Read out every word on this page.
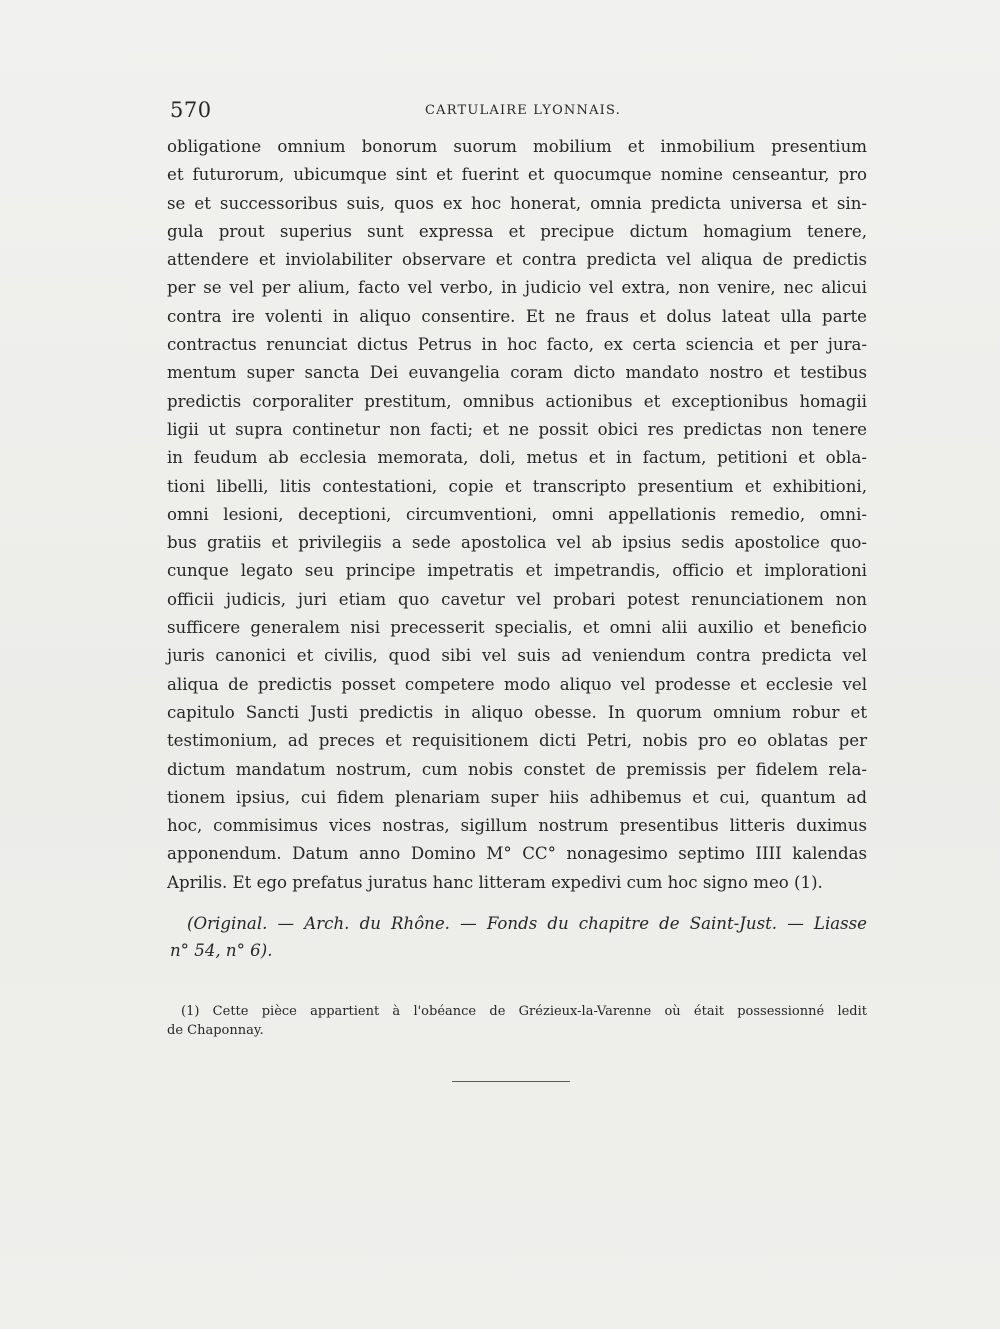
570	CARTULAIRE LYONNAIS.
obligatione omnium bonorum suorum mobilium et inmobilium presentium
et futurorum, ubicumque sint et fuerint et quocumque nomine censeantur, pro
se et successoribus suis, quos ex hoc honerat, omnia predicta universa et sin-
gula prout superius sunt expressa et precipue dictum homagium tenere,
attendere et inviolabiliter observare et contra predicta vel aliqua de predictis
per se vel per alium, facto vel verbo, in judicio vel extra, non venire, nec alicui
contra ire volenti in aliquo consentire. Et ne fraus et dolus lateat ulla parte
contractus renunciat dictus Petrus in hoc facto, ex certa sciencia et per jura-
mentum super sancta Dei euvangelia coram dicto mandato nostro et testibus
predictis corporaliter prestitum, omnibus actionibus et exceptionibus homagii
ligii ut supra continetur non facti; et ne possit obici res predictas non tenere
in feudum ab ecclesia memorata, doli, metus et in factum, petitioni et obla-
tioni libelli, litis contestationi, copie et transcripto presentium et exhibitioni,
omni lesioni, deceptioni, circumventioni, omni appellationis remedio, omni-
bus gratiis et privilegiis a sede apostolica vel ab ipsius sedis apostolice quo-
cunque legato seu principe impetratis et impetrandis, officio et implorationi
officii judicis, juri etiam quo cavetur vel probari potest renunciationem non
sufficere generalem nisi precesserit specialis, et omni alii auxilio et beneficio
juris canonici et civilis, quod sibi vel suis ad veniendum contra predicta vel
aliqua de predictis posset competere modo aliquo vel prodesse et ecclesie vel
capitulo Sancti Justi predictis in aliquo obesse. In quorum omnium robur et
testimonium, ad preces et requisitionem dicti Petri, nobis pro eo oblatas per
dictum mandatum nostrum, cum nobis constet de premissis per fidelem rela-
tionem ipsius, cui fidem plenariam super hiis adhibemus et cui, quantum ad
hoc, commisimus vices nostras, sigillum nostrum presentibus litteris duximus
apponendum. Datum anno Domino M° CC° nonagesimo septimo IIII kalendas
Aprilis. Et ego prefatus juratus hanc litteram expedivi cum hoc signo meo (1).
(Original. — Arch. du Rhône. — Fonds du chapitre de Saint-Just. — Liasse
n° 54, n° 6).
(1) Cette pièce appartient à l'obéance de Grézieux-la-Varenne où était possessionné ledit
de Chaponnay.
